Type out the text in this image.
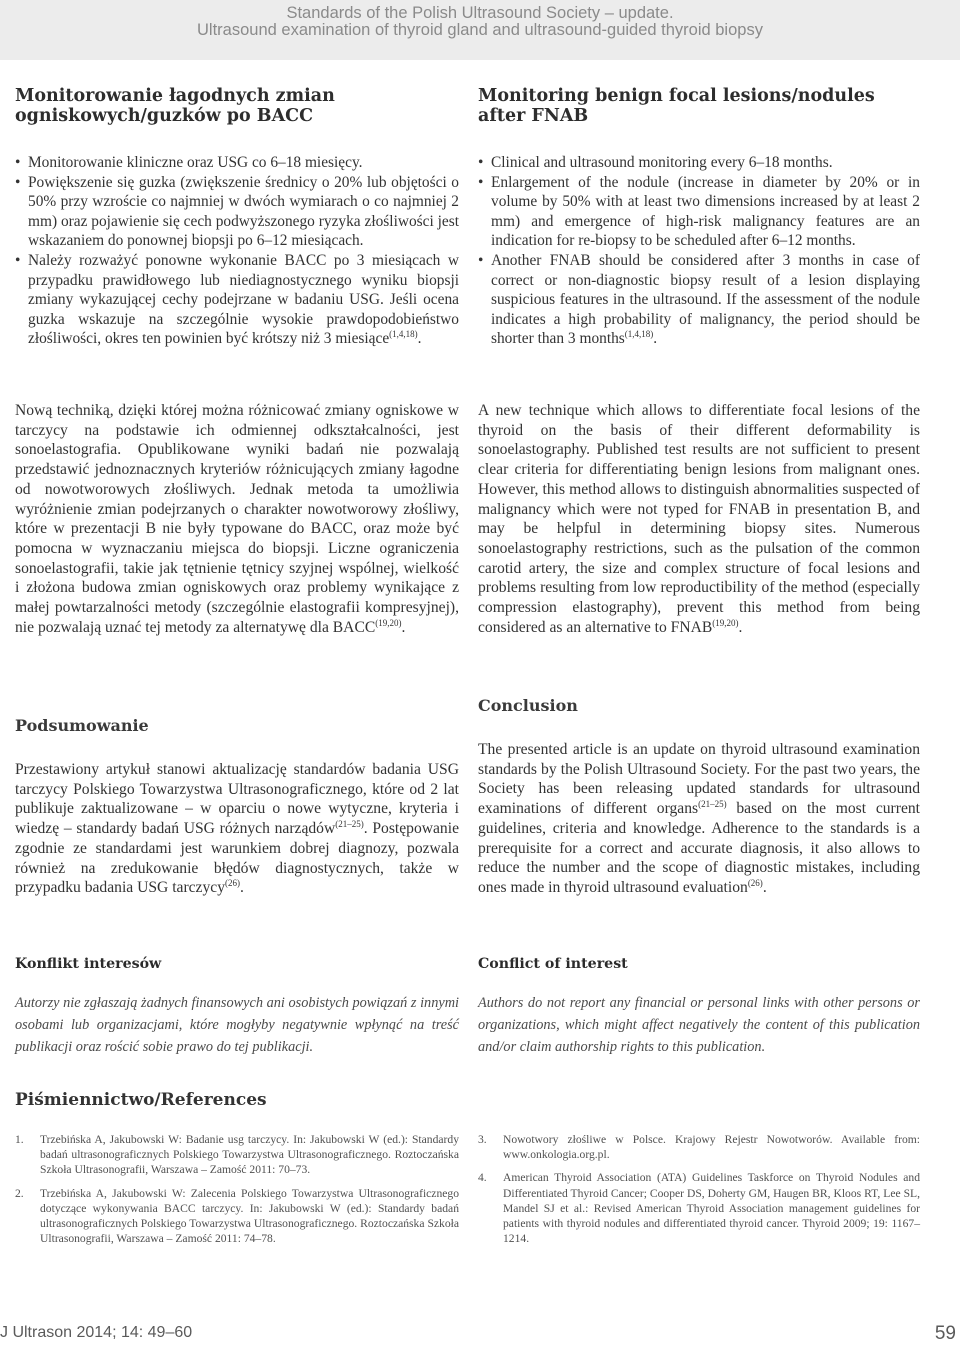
Standards of the Polish Ultrasound Society – update.
Ultrasound examination of thyroid gland and ultrasound-guided thyroid biopsy
Monitorowanie łagodnych zmian ogniskowych/guzków po BACC
• Monitorowanie kliniczne oraz USG co 6–18 miesięcy.
• Powiększenie się guzka (zwiększenie średnicy o 20% lub objętości o 50% przy wzroście co najmniej w dwóch wymiarach o co najmniej 2 mm) oraz pojawienie się cech podwyższonego ryzyka złośliwości jest wskazaniem do ponownej biopsji po 6–12 miesiącach.
• Należy rozważyć ponowne wykonanie BACC po 3 miesiącach w przypadku prawidłowego lub niediagnostycznego wyniku biopsji zmiany wykazującej cechy podejrzane w badaniu USG. Jeśli ocena guzka wskazuje na szczególnie wysokie prawdopodobieństwo złośliwości, okres ten powinien być krótszy niż 3 miesiące$^{(1,4,18)}$.

Nową techniką, dzięki której można różnicować zmiany ogniskowe w tarczycy na podstawie ich odmiennej odkształcalności, jest sonoelastografia. Opublikowane wyniki badań nie pozwalają przedstawić jednoznacznych kryteriów różnicujących zmiany łagodne od nowotworowych złośliwych. Jednak metoda ta umożliwia wyróżnienie zmian podejrzanych o charakter nowotworowy złośliwy, które w prezentacji B nie były typowane do BACC, oraz może być pomocna w wyznaczaniu miejsca do biopsji. Liczne ograniczenia sonoelastografii, takie jak tętnienie tętnicy szyjnej wspólnej, wielkość i złożona budowa zmian ogniskowych oraz problemy wynikające z małej powtarzalności metody (szczególnie elastografii kompresyjnej), nie pozwalają uznać tej metody za alternatywę dla BACC$^{(19,20)}$.

Podsumowanie

Przestawiony artykuł stanowi aktualizację standardów badania USG tarczycy Polskiego Towarzystwa Ultrasonograficznego, które od 2 lat publikuje zaktualizowane – w oparciu o nowe wytyczne, kryteria i wiedzę – standardy badań USG różnych narządów$^{(21-25)}$. Postępowanie zgodnie ze standardami jest warunkiem dobrej diagnozy, pozwala również na zredukowanie błędów diagnostycznych, także w przypadku badania USG tarczycy$^{(26)}$.

Konflikt interesów

Autorzy nie zgłaszają żadnych finansowych ani osobistych powiązań z innymi osobami lub organizacjami, które mogłyby negatywnie wpłynąć na treść publikacji oraz rościć sobie prawo do tej publikacji.

Monitoring benign focal lesions/nodules after FNAB
• Clinical and ultrasound monitoring every 6–18 months.
• Enlargement of the nodule (increase in diameter by 20% or in volume by 50% with at least two dimensions increased by at least 2 mm) and emergence of high-risk malignancy features are an indication for re-biopsy to be scheduled after 6–12 months.
• Another FNAB should be considered after 3 months in case of correct or non-diagnostic biopsy result of a lesion displaying suspicious features in the ultrasound. If the assessment of the nodule indicates a high probability of malignancy, the period should be shorter than 3 months$^{(1,4,18)}$.

A new technique which allows to differentiate focal lesions of the thyroid on the basis of their different deformability is sonoelastography. Published test results are not sufficient to present clear criteria for differentiating benign lesions from malignant ones. However, this method allows to distinguish abnormalities suspected of malignancy which were not typed for FNAB in presentation B, and may be helpful in determining biopsy sites. Numerous sonoelastography restrictions, such as the pulsation of the common carotid artery, the size and complex structure of focal lesions and problems resulting from low reproductibility of the method (especially compression elastography), prevent this method from being considered as an alternative to FNAB$^{(19,20)}$.

Conclusion

The presented article is an update on thyroid ultrasound examination standards by the Polish Ultrasound Society. For the past two years, the Society has been releasing updated standards for ultrasound examinations of different organs$^{(21-25)}$ based on the most current guidelines, criteria and knowledge. Adherence to the standards is a prerequisite for a correct and accurate diagnosis, it also allows to reduce the number and the scope of diagnostic mistakes, including ones made in thyroid ultrasound evaluation$^{(26)}$.

Conflict of interest

Authors do not report any financial or personal links with other persons or organizations, which might affect negatively the content of this publication and/or claim authorship rights to this publication.

Piśmiennictwo/References
1. Trzebińska A, Jakubowski W: Badanie usg tarczycy. In: Jakubowski W (ed.): Standardy badań ultrasonograficznych Polskiego Towarzystwa Ultrasonograficznego. Roztoczańska Szkoła Ultrasonografii, Warszawa – Zamość 2011: 70–73.
2. Trzebińska A, Jakubowski W: Zalecenia Polskiego Towarzystwa Ultrasonograficznego dotyczące wykonywania BACC tarczycy. In: Jakubowski W (ed.): Standardy badań ultrasonograficznych Polskiego Towarzystwa Ultrasonograficznego. Roztoczańska Szkoła Ultrasonografii, Warszawa – Zamość 2011: 74–78.
3. Nowotwory złośliwe w Polsce. Krajowy Rejestr Nowotworów. Available from: www.onkologia.org.pl.
4. American Thyroid Association (ATA) Guidelines Taskforce on Thyroid Nodules and Differentiated Thyroid Cancer; Cooper DS, Doherty GM, Haugen BR, Kloos RT, Lee SL, Mandel SJ et al.: Revised American Thyroid Association management guidelines for patients with thyroid nodules and differentiated thyroid cancer. Thyroid 2009; 19: 1167–1214.
J Ultrason 2014; 14: 49–60	59
